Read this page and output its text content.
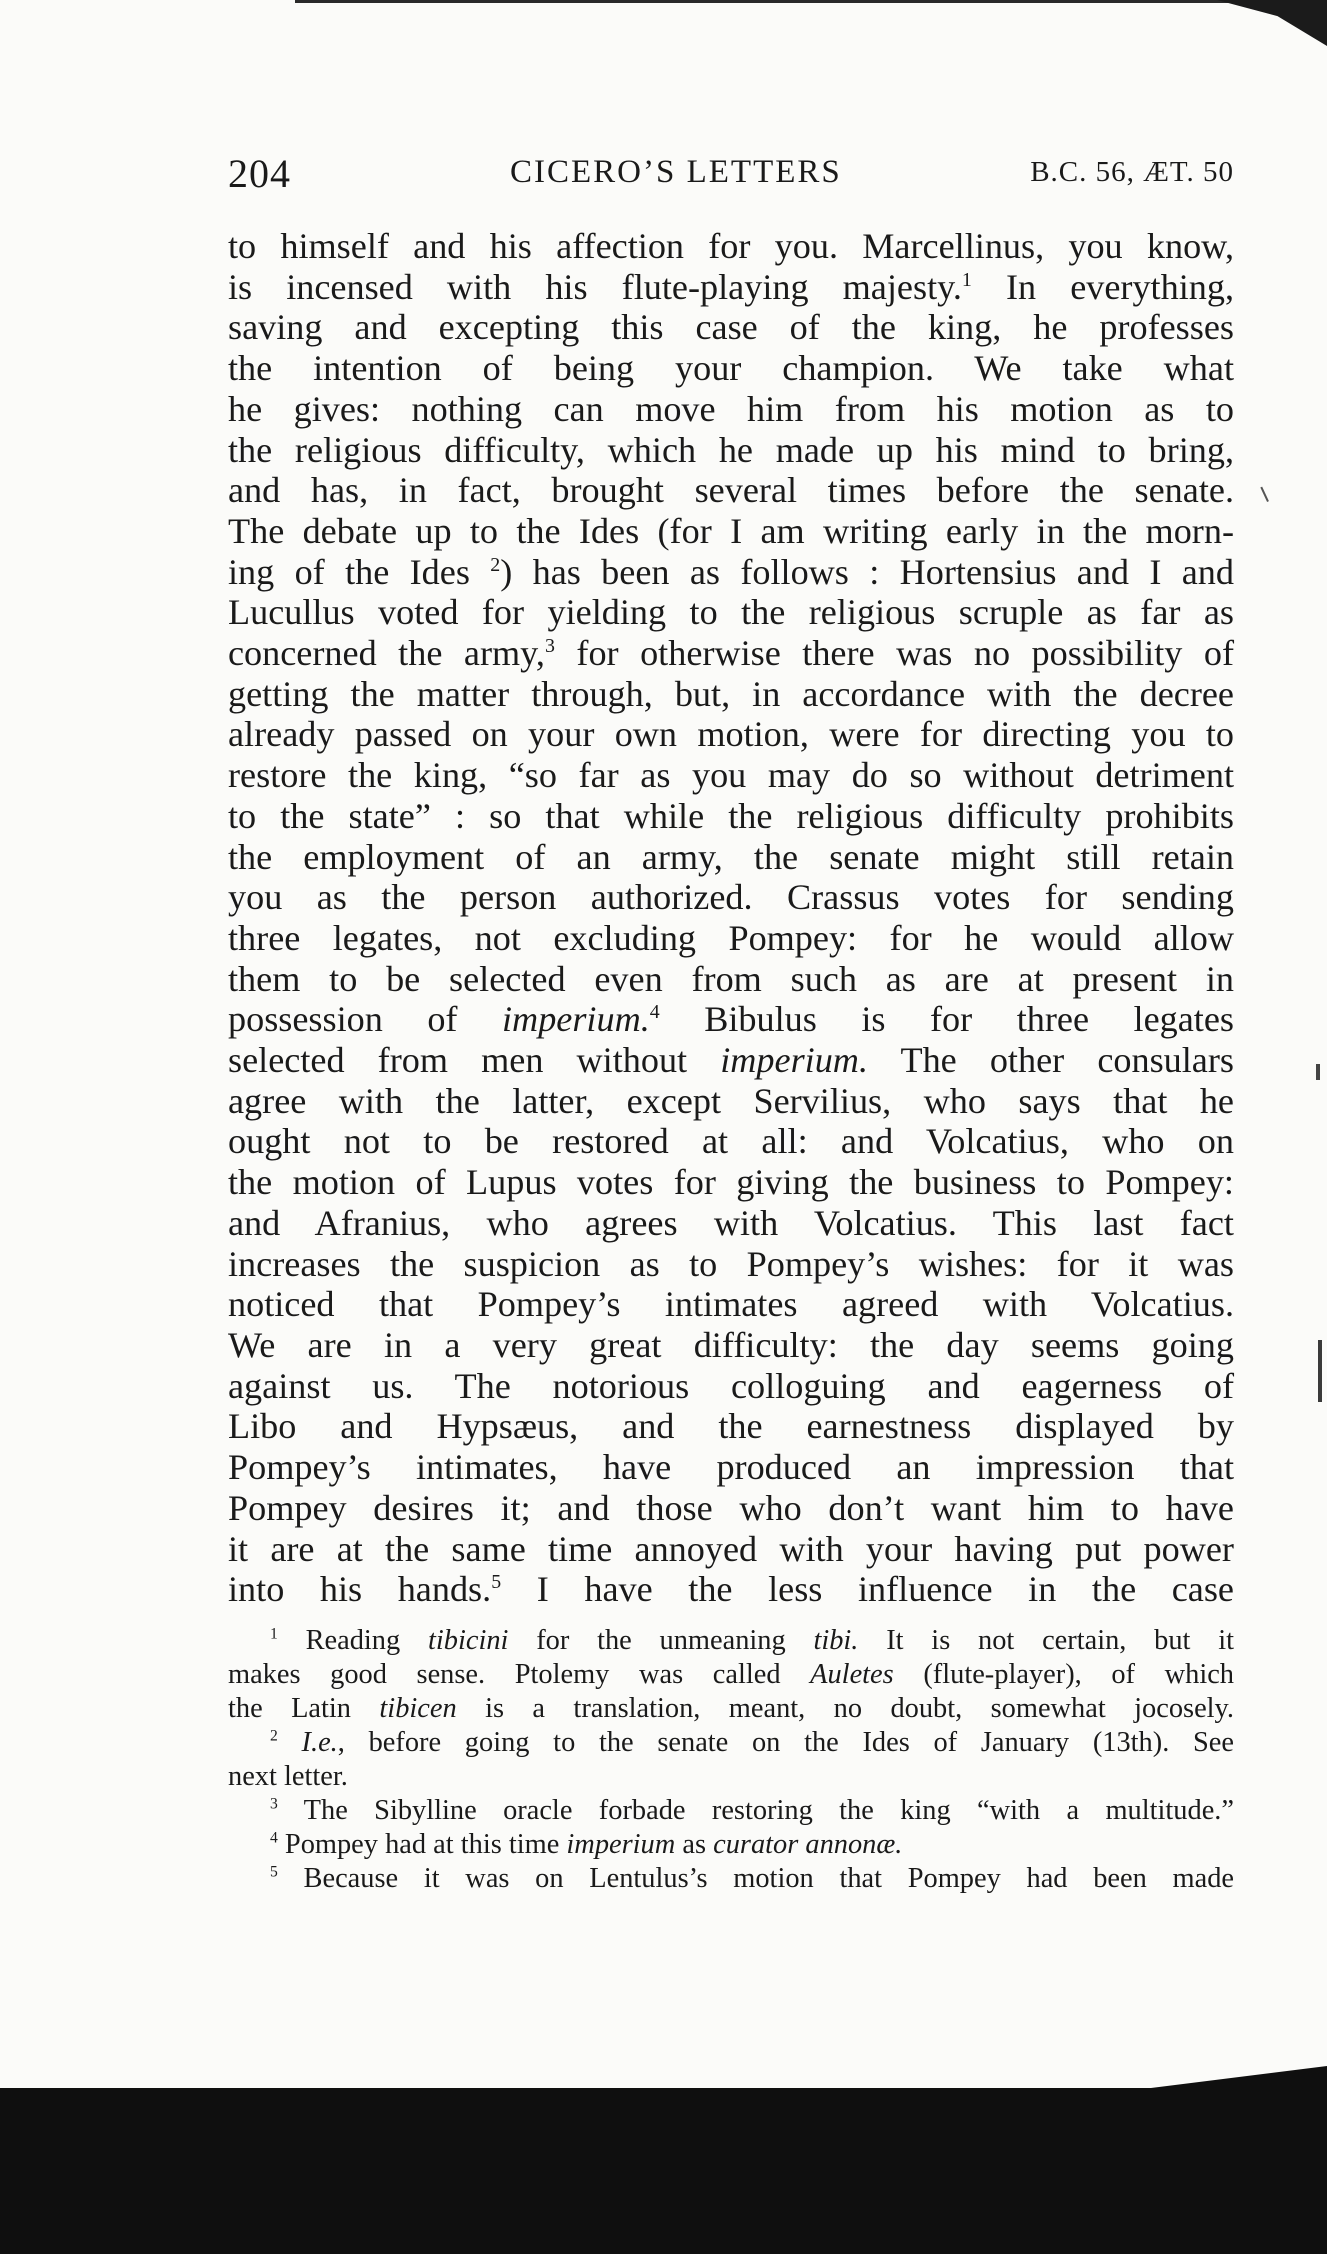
204	CICERO’S LETTERS	B.C. 56, ÆT. 50
to himself and his affection for you. Marcellinus, you know,
is incensed with his flute-playing majesty.$^1$ In everything,
saving and excepting this case of the king, he professes
the intention of being your champion. We take what
he gives: nothing can move him from his motion as to
the religious difficulty, which he made up his mind to bring,
and has, in fact, brought several times before the senate.
The debate up to the Ides (for I am writing early in the morn-
ing of the Ides $^2$) has been as follows : Hortensius and I and
Lucullus voted for yielding to the religious scruple as far as
concerned the army,$^3$ for otherwise there was no possibility of
getting the matter through, but, in accordance with the decree
already passed on your own motion, were for directing you to
restore the king, “so far as you may do so without detriment
to the state” : so that while the religious difficulty prohibits
the employment of an army, the senate might still retain
you as the person authorized. Crassus votes for sending
three legates, not excluding Pompey: for he would allow
them to be selected even from such as are at present in
possession of imperium.$^4$ Bibulus is for three legates
selected from men without imperium. The other consulars
agree with the latter, except Servilius, who says that he
ought not to be restored at all: and Volcatius, who on
the motion of Lupus votes for giving the business to Pompey:
and Afranius, who agrees with Volcatius. This last fact
increases the suspicion as to Pompey’s wishes: for it was
noticed that Pompey’s intimates agreed with Volcatius.
We are in a very great difficulty: the day seems going
against us. The notorious colloguing and eagerness of
Libo and Hypsæus, and the earnestness displayed by
Pompey’s intimates, have produced an impression that
Pompey desires it; and those who don’t want him to have
it are at the same time annoyed with your having put power
into his hands.$^5$ I have the less influence in the case
$^1$ Reading tibicini for the unmeaning tibi. It is not certain, but it
makes good sense. Ptolemy was called Auletes (flute-player), of which
the Latin tibicen is a translation, meant, no doubt, somewhat jocosely.
$^2$ I.e., before going to the senate on the Ides of January (13th). See
next letter.
$^3$ The Sibylline oracle forbade restoring the king “with a multitude.”
$^4$ Pompey had at this time imperium as curator annonæ.
$^5$ Because it was on Lentulus’s motion that Pompey had been made
